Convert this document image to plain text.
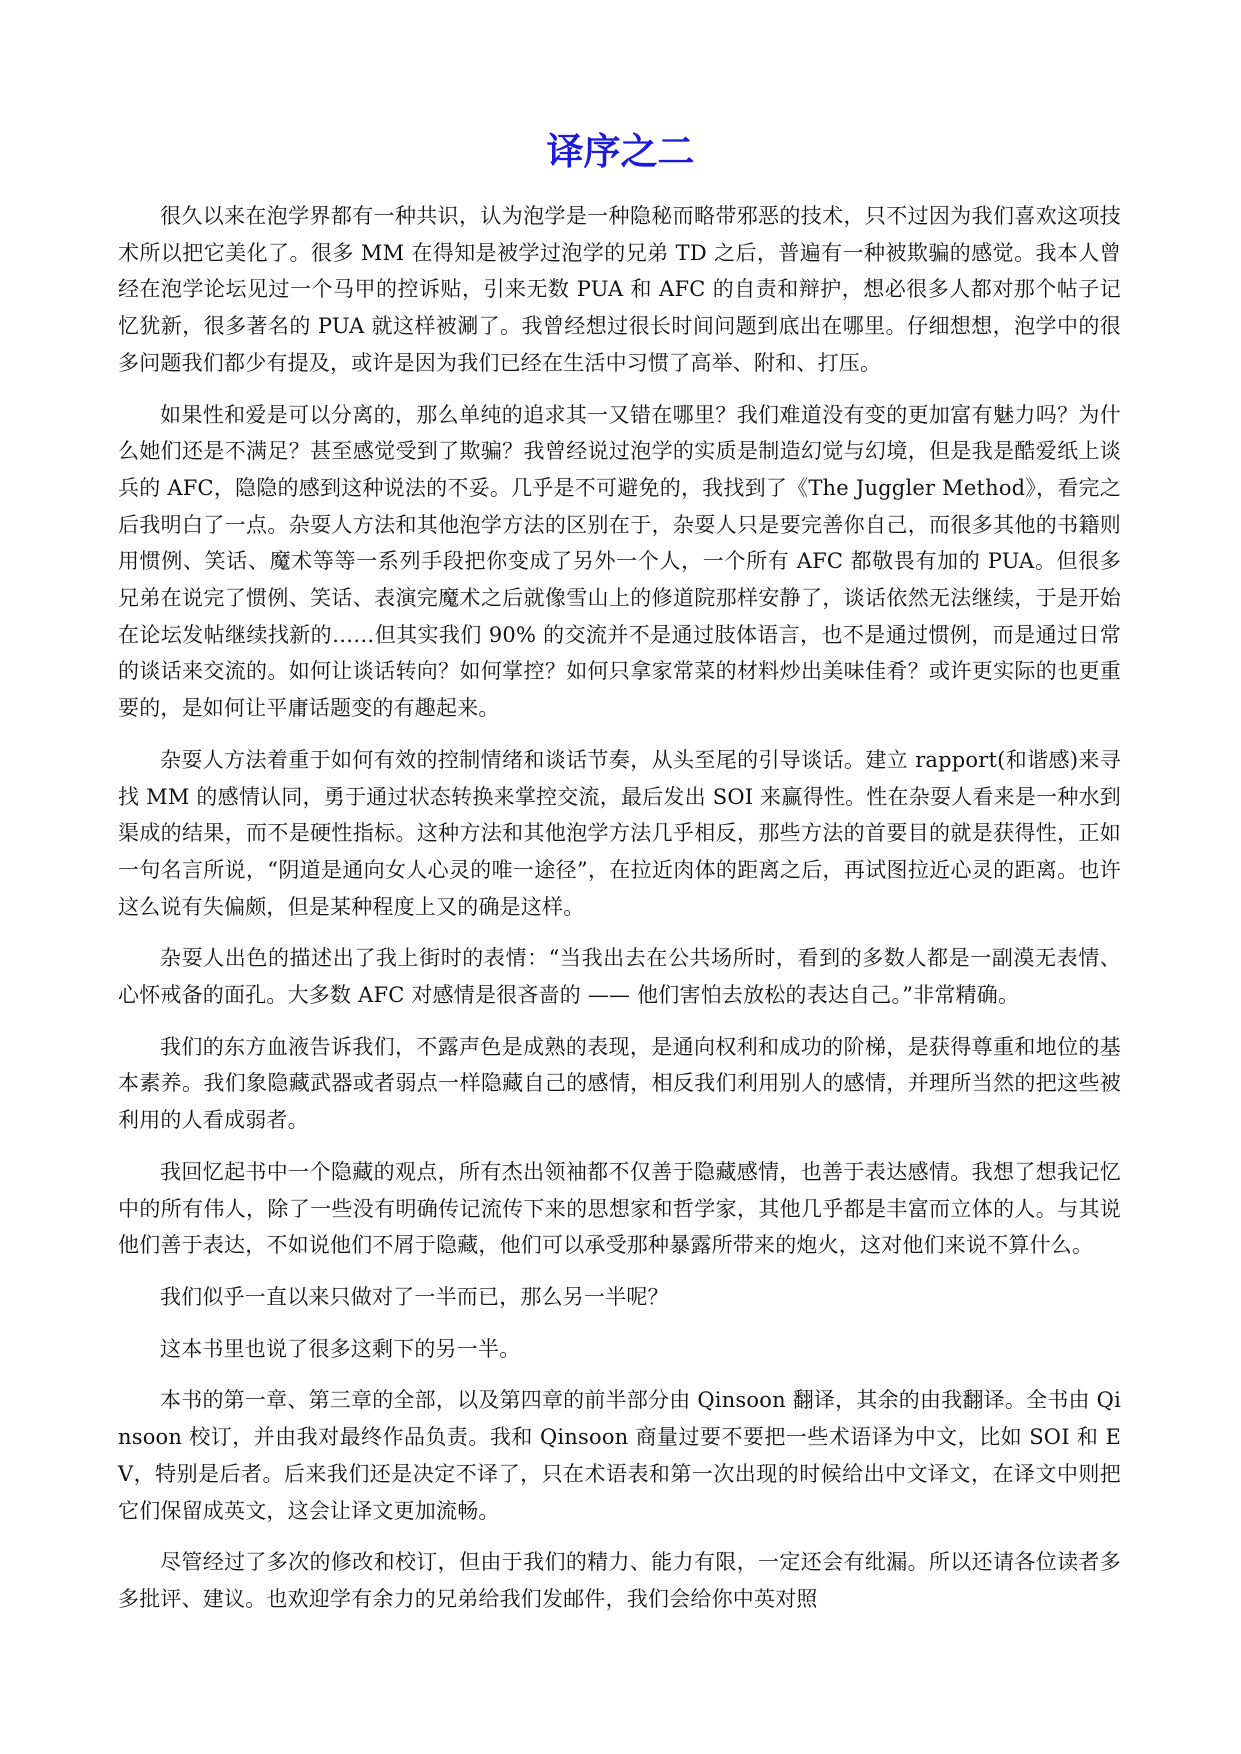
译序之二

很久以来在泡学界都有一种共识，认为泡学是一种隐秘而略带邪恶的技术，只不过因为我们喜欢这项技术所以把它美化了。很多 MM 在得知是被学过泡学的兄弟 TD 之后，普遍有一种被欺骗的感觉。我本人曾经在泡学论坛见过一个马甲的控诉贴，引来无数 PUA 和 AFC 的自责和辩护，想必很多人都对那个帖子记忆犹新，很多著名的 PUA 就这样被涮了。我曾经想过很长时间问题到底出在哪里。仔细想想，泡学中的很多问题我们都少有提及，或许是因为我们已经在生活中习惯了高举、附和、打压。

如果性和爱是可以分离的，那么单纯的追求其一又错在哪里？我们难道没有变的更加富有魅力吗？为什么她们还是不满足？甚至感觉受到了欺骗？我曾经说过泡学的实质是制造幻觉与幻境，但是我是酷爱纸上谈兵的 AFC，隐隐的感到这种说法的不妥。几乎是不可避免的，我找到了《The Juggler Method》，看完之后我明白了一点。杂耍人方法和其他泡学方法的区别在于，杂耍人只是要完善你自己，而很多其他的书籍则用惯例、笑话、魔术等等一系列手段把你变成了另外一个人，一个所有 AFC 都敬畏有加的 PUA。但很多兄弟在说完了惯例、笑话、表演完魔术之后就像雪山上的修道院那样安静了，谈话依然无法继续，于是开始在论坛发帖继续找新的……但其实我们 90% 的交流并不是通过肢体语言，也不是通过惯例，而是通过日常的谈话来交流的。如何让谈话转向？如何掌控？如何只拿家常菜的材料炒出美味佳肴？或许更实际的也更重要的，是如何让平庸话题变的有趣起来。

杂耍人方法着重于如何有效的控制情绪和谈话节奏，从头至尾的引导谈话。建立 rapport(和谐感)来寻找 MM 的感情认同，勇于通过状态转换来掌控交流，最后发出 SOI 来赢得性。性在杂耍人看来是一种水到渠成的结果，而不是硬性指标。这种方法和其他泡学方法几乎相反，那些方法的首要目的就是获得性，正如一句名言所说，“阴道是通向女人心灵的唯一途径”，在拉近肉体的距离之后，再试图拉近心灵的距离。也许这么说有失偏颇，但是某种程度上又的确是这样。

杂耍人出色的描述出了我上街时的表情：“当我出去在公共场所时，看到的多数人都是一副漠无表情、心怀戒备的面孔。大多数 AFC 对感情是很吝啬的 —— 他们害怕去放松的表达自己。”非常精确。

我们的东方血液告诉我们，不露声色是成熟的表现，是通向权利和成功的阶梯，是获得尊重和地位的基本素养。我们象隐藏武器或者弱点一样隐藏自己的感情，相反我们利用别人的感情，并理所当然的把这些被利用的人看成弱者。

我回忆起书中一个隐藏的观点，所有杰出领袖都不仅善于隐藏感情，也善于表达感情。我想了想我记忆中的所有伟人，除了一些没有明确传记流传下来的思想家和哲学家，其他几乎都是丰富而立体的人。与其说他们善于表达，不如说他们不屑于隐藏，他们可以承受那种暴露所带来的炮火，这对他们来说不算什么。

我们似乎一直以来只做对了一半而已，那么另一半呢？

这本书里也说了很多这剩下的另一半。

本书的第一章、第三章的全部，以及第四章的前半部分由 Qinsoon 翻译，其余的由我翻译。全书由 Qinsoon 校订，并由我对最终作品负责。我和 Qinsoon 商量过要不要把一些术语译为中文，比如 SOI 和 EV，特别是后者。后来我们还是决定不译了，只在术语表和第一次出现的时候给出中文译文，在译文中则把它们保留成英文，这会让译文更加流畅。

尽管经过了多次的修改和校订，但由于我们的精力、能力有限，一定还会有纰漏。所以还请各位读者多多批评、建议。也欢迎学有余力的兄弟给我们发邮件，我们会给你中英对照
